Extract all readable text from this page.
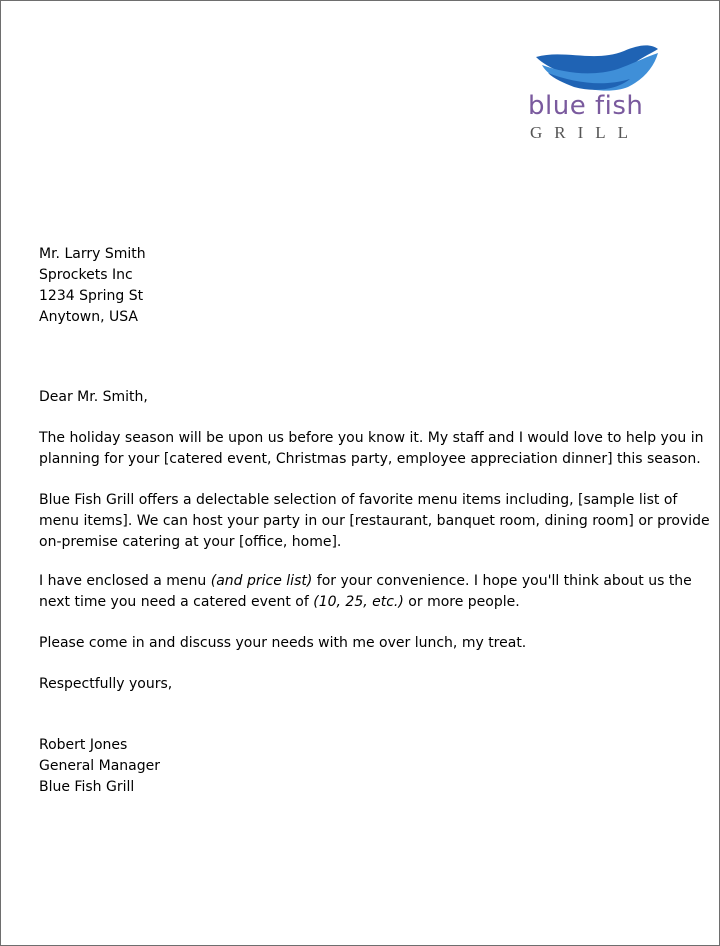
blue fish
GRILL
Mr. Larry Smith
Sprockets Inc
1234 Spring St
Anytown, USA
Dear Mr. Smith,
The holiday season will be upon us before you know it. My staff and I would love to help you in
planning for your [catered event, Christmas party, employee appreciation dinner] this season.
Blue Fish Grill offers a delectable selection of favorite menu items including, [sample list of
menu items]. We can host your party in our [restaurant, banquet room, dining room] or provide
on-premise catering at your [office, home].
I have enclosed a menu (and price list) for your convenience. I hope you'll think about us the
next time you need a catered event of (10, 25, etc.) or more people.
Please come in and discuss your needs with me over lunch, my treat.
Respectfully yours,
Robert Jones
General Manager
Blue Fish Grill
